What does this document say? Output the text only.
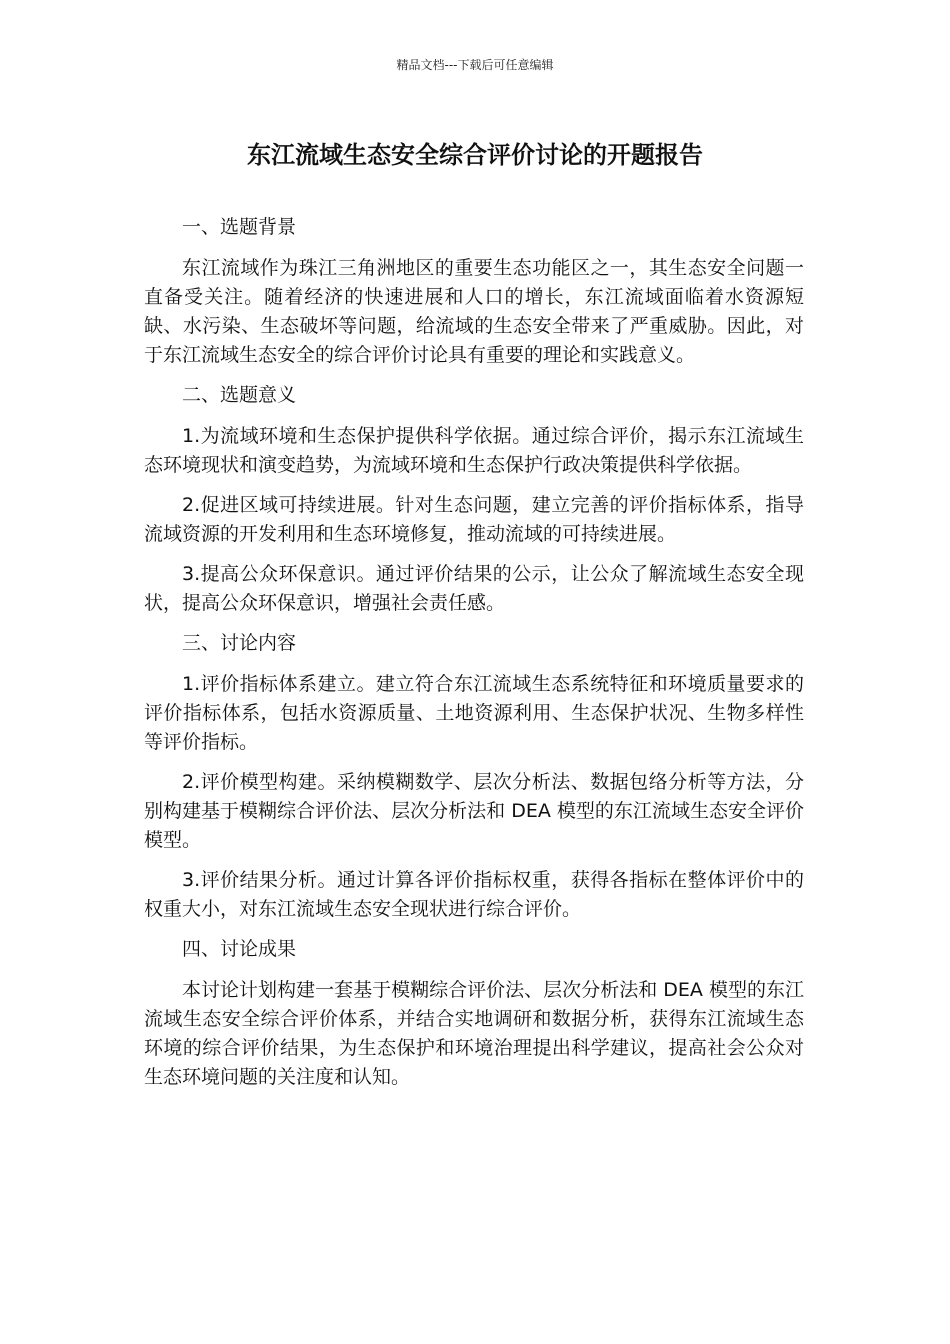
精品文档---下载后可任意编辑
东江流域生态安全综合评价讨论的开题报告

一、选题背景

东江流域作为珠江三角洲地区的重要生态功能区之一，其生态安全问题一直备受关注。随着经济的快速进展和人口的增长，东江流域面临着水资源短缺、水污染、生态破坏等问题，给流域的生态安全带来了严重威胁。因此，对于东江流域生态安全的综合评价讨论具有重要的理论和实践意义。

二、选题意义

1.为流域环境和生态保护提供科学依据。通过综合评价，揭示东江流域生态环境现状和演变趋势，为流域环境和生态保护行政决策提供科学依据。

2.促进区域可持续进展。针对生态问题，建立完善的评价指标体系，指导流域资源的开发利用和生态环境修复，推动流域的可持续进展。

3.提高公众环保意识。通过评价结果的公示，让公众了解流域生态安全现状，提高公众环保意识，增强社会责任感。

三、讨论内容

1.评价指标体系建立。建立符合东江流域生态系统特征和环境质量要求的评价指标体系，包括水资源质量、土地资源利用、生态保护状况、生物多样性等评价指标。

2.评价模型构建。采纳模糊数学、层次分析法、数据包络分析等方法，分别构建基于模糊综合评价法、层次分析法和 DEA 模型的东江流域生态安全评价模型。

3.评价结果分析。通过计算各评价指标权重，获得各指标在整体评价中的权重大小，对东江流域生态安全现状进行综合评价。

四、讨论成果

本讨论计划构建一套基于模糊综合评价法、层次分析法和 DEA 模型的东江流域生态安全综合评价体系，并结合实地调研和数据分析，获得东江流域生态环境的综合评价结果，为生态保护和环境治理提出科学建议，提高社会公众对生态环境问题的关注度和认知。
